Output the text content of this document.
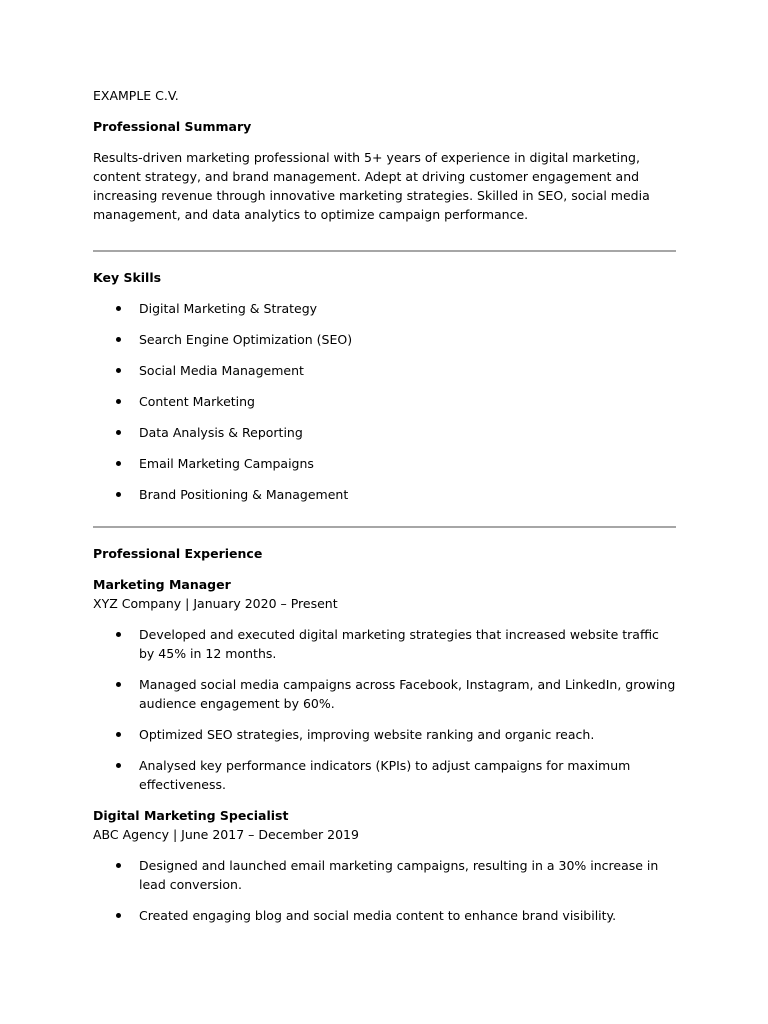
EXAMPLE C.V.

Professional Summary

Results-driven marketing professional with 5+ years of experience in digital marketing, content strategy, and brand management. Adept at driving customer engagement and increasing revenue through innovative marketing strategies. Skilled in SEO, social media management, and data analytics to optimize campaign performance.

Key Skills

Digital Marketing & Strategy
Search Engine Optimization (SEO)
Social Media Management
Content Marketing
Data Analysis & Reporting
Email Marketing Campaigns
Brand Positioning & Management

Professional Experience

Marketing Manager

XYZ Company | January 2020 – Present

Developed and executed digital marketing strategies that increased website traffic by 45% in 12 months.
Managed social media campaigns across Facebook, Instagram, and LinkedIn, growing audience engagement by 60%.
Optimized SEO strategies, improving website ranking and organic reach.
Analysed key performance indicators (KPIs) to adjust campaigns for maximum effectiveness.

Digital Marketing Specialist

ABC Agency | June 2017 – December 2019

Designed and launched email marketing campaigns, resulting in a 30% increase in lead conversion.
Created engaging blog and social media content to enhance brand visibility.
